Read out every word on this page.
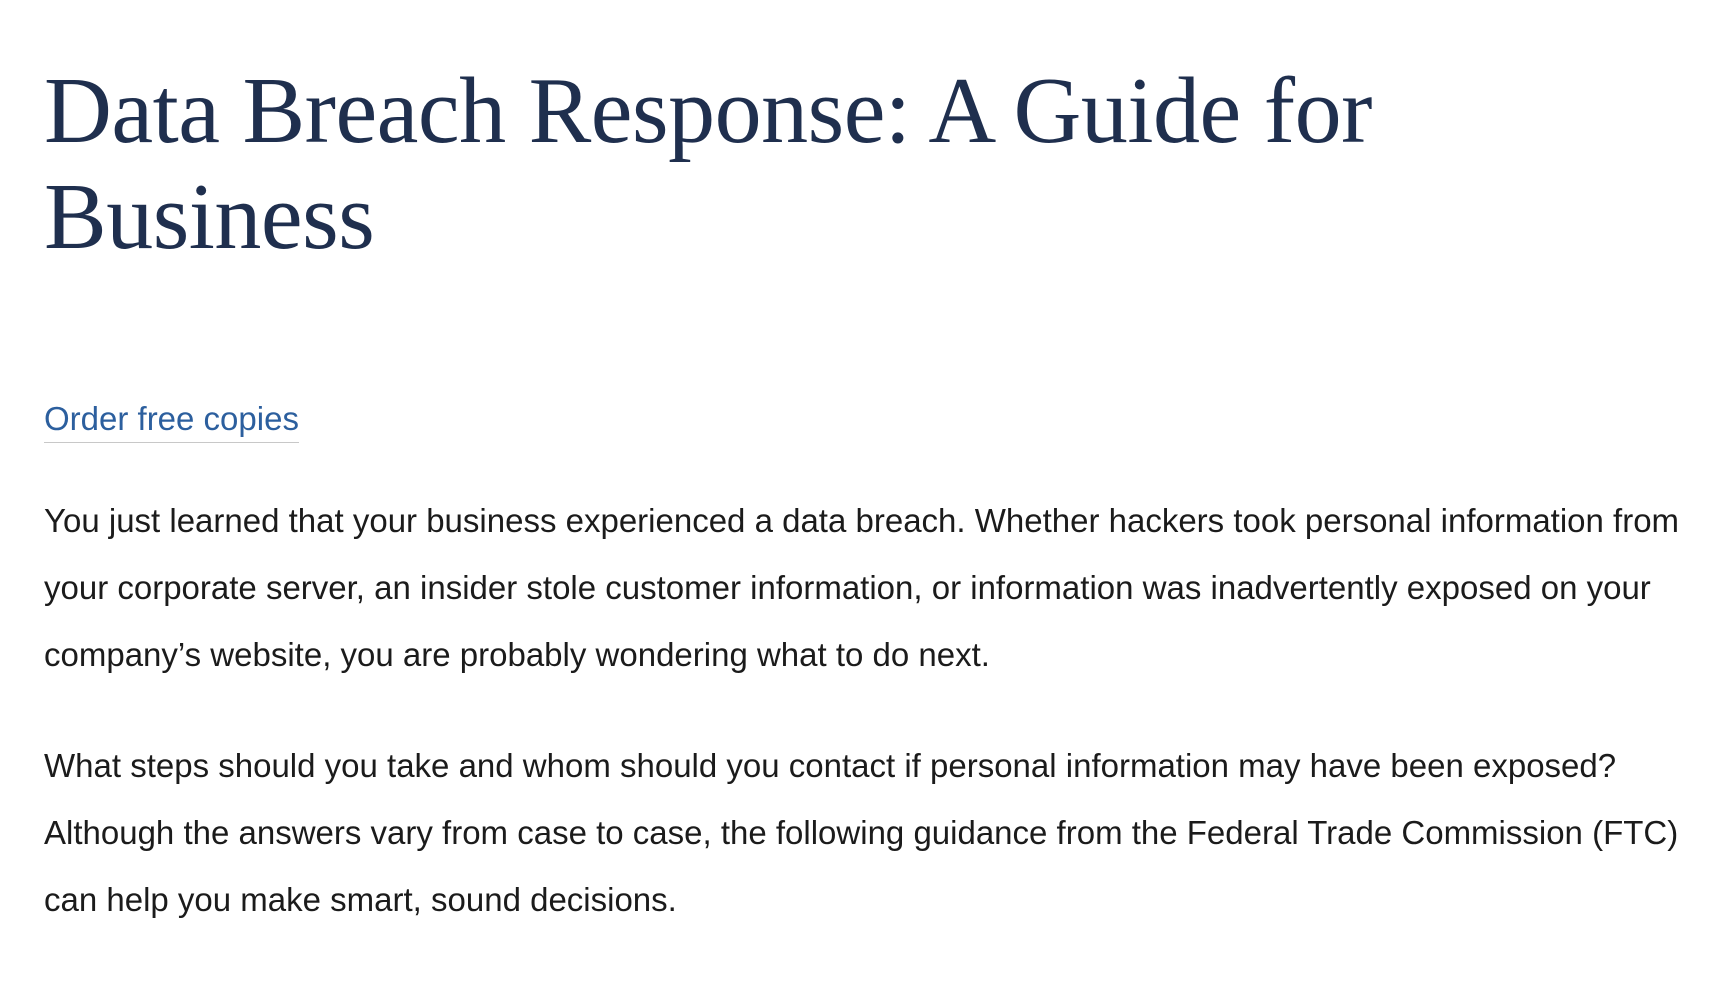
Data Breach Response: A Guide for Business
Order free copies

You just learned that your business experienced a data breach. Whether hackers took personal information from your corporate server, an insider stole customer information, or information was inadvertently exposed on your company’s website, you are probably wondering what to do next.

What steps should you take and whom should you contact if personal information may have been exposed? Although the answers vary from case to case, the following guidance from the Federal Trade Commission (FTC) can help you make smart, sound decisions.
